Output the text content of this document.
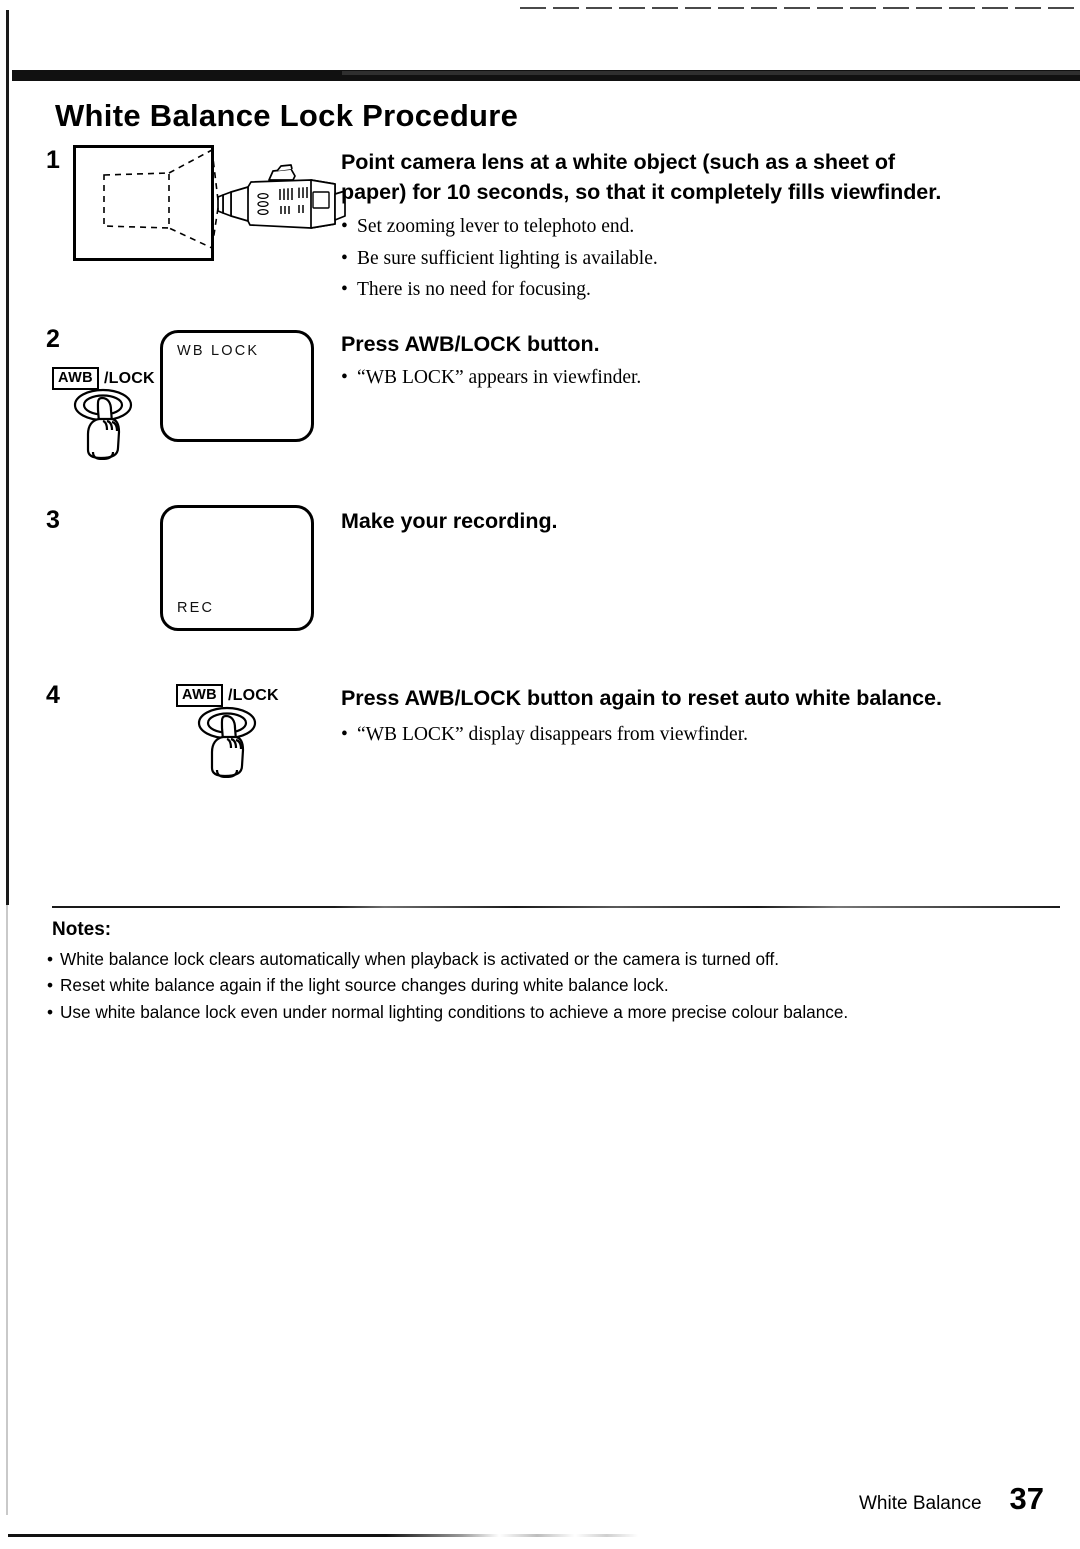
White Balance Lock Procedure
1	Point camera lens at a white object (such as a sheet of
paper) for 10 seconds, so that it completely fills viewfinder.
• Set zooming lever to telephoto end.
• Be sure sufficient lighting is available.
• There is no need for focusing.
2
AWB /LOCK
WB LOCK	Press AWB/LOCK button.
• “WB LOCK” appears in viewfinder.
3
REC
Make your recording.
4	AWB /LOCK	Press AWB/LOCK button again to reset auto white balance.
• “WB LOCK” display disappears from viewfinder.
Notes:
• White balance lock clears automatically when playback is activated or the camera is turned off.
• Reset white balance again if the light source changes during white balance lock.
• Use white balance lock even under normal lighting conditions to achieve a more precise colour balance.
White Balance 37
